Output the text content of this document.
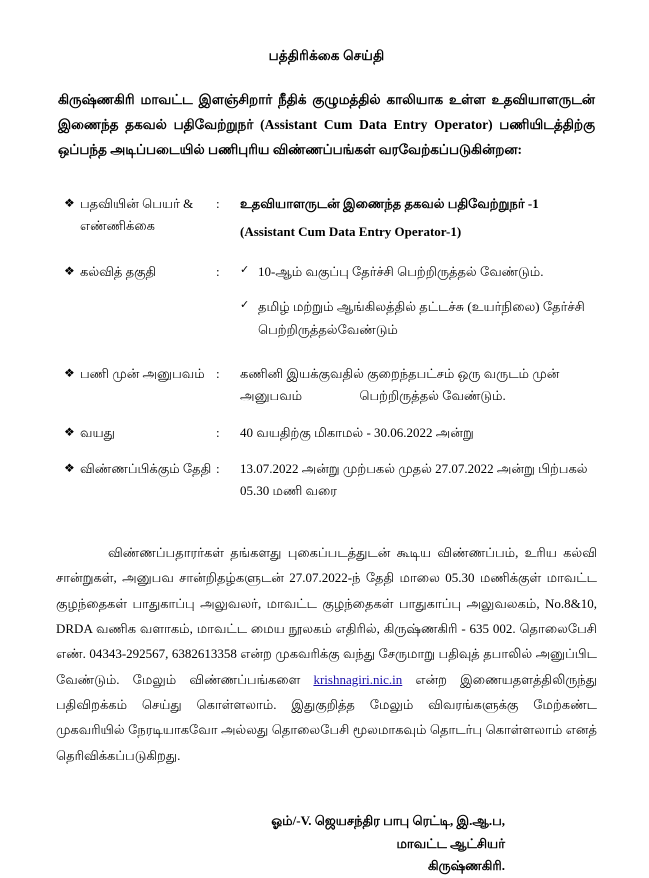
பத்திரிக்கை செய்தி
கிருஷ்ணகிரி மாவட்ட இளஞ்சிறார் நீதிக் குழுமத்தில் காலியாக உள்ள உதவியாளருடன் இணைந்த தகவல் பதிவேற்றுநர் (Assistant Cum Data Entry Operator) பணியிடத்திற்கு ஒப்பந்த அடிப்படையில் பணிபுரிய விண்ணப்பங்கள் வரவேற்கப்படுகின்றன:
❖ பதவியின் பெயர் & எண்ணிக்கை
:	உதவியாளருடன் இணைந்த தகவல் பதிவேற்றுநர் -1
(Assistant Cum Data Entry Operator-1)
❖ கல்வித் தகுதி	:	✓ 10-ஆம் வகுப்பு தேர்ச்சி பெற்றிருத்தல் வேண்டும்.
✓ தமிழ் மற்றும் ஆங்கிலத்தில் தட்டச்சு (உயர்நிலை) தேர்ச்சி பெற்றிருத்தல்வேண்டும்
❖ பணி முன் அனுபவம் :	கணினி இயக்குவதில் குறைந்தபட்சம் ஒரு வருடம் முன்
அனுபவம்	பெற்றிருத்தல் வேண்டும்.
❖ வயது	:	40 வயதிற்கு மிகாமல் - 30.06.2022 அன்று
❖ விண்ணப்பிக்கும் தேதி :	13.07.2022 அன்று முற்பகல் முதல் 27.07.2022 அன்று பிற்பகல்
05.30 மணி வரை

விண்ணப்பதாரர்கள் தங்களது புகைப்படத்துடன் கூடிய விண்ணப்பம், உரிய கல்வி சான்றுகள், அனுபவ சான்றிதழ்களுடன் 27.07.2022-ந் தேதி மாலை 05.30 மணிக்குள் மாவட்ட குழந்தைகள் பாதுகாப்பு அலுவலர், மாவட்ட குழந்தைகள் பாதுகாப்பு அலுவலகம், No.8&10, DRDA வணிக வளாகம், மாவட்ட மைய நூலகம் எதிரில், கிருஷ்ணகிரி - 635 002. தொலைபேசி எண். 04343-292567, 6382613358 என்ற முகவரிக்கு வந்து சேருமாறு பதிவுத் தபாலில் அனுப்பிட வேண்டும். மேலும் விண்ணப்பங்களை krishnagiri.nic.in என்ற இணையதளத்திலிருந்து பதிவிறக்கம் செய்து கொள்ளலாம். இதுகுறித்த மேலும் விவரங்களுக்கு மேற்கண்ட முகவரியில் நேரடியாகவோ அல்லது தொலைபேசி மூலமாகவும் தொடர்பு கொள்ளலாம் எனத் தெரிவிக்கப்படுகிறது.

ஓம்/-V. ஜெயசந்திர பாபு ரெட்டி, இ.ஆ.ப,
மாவட்ட ஆட்சியர்
கிருஷ்ணகிரி.
